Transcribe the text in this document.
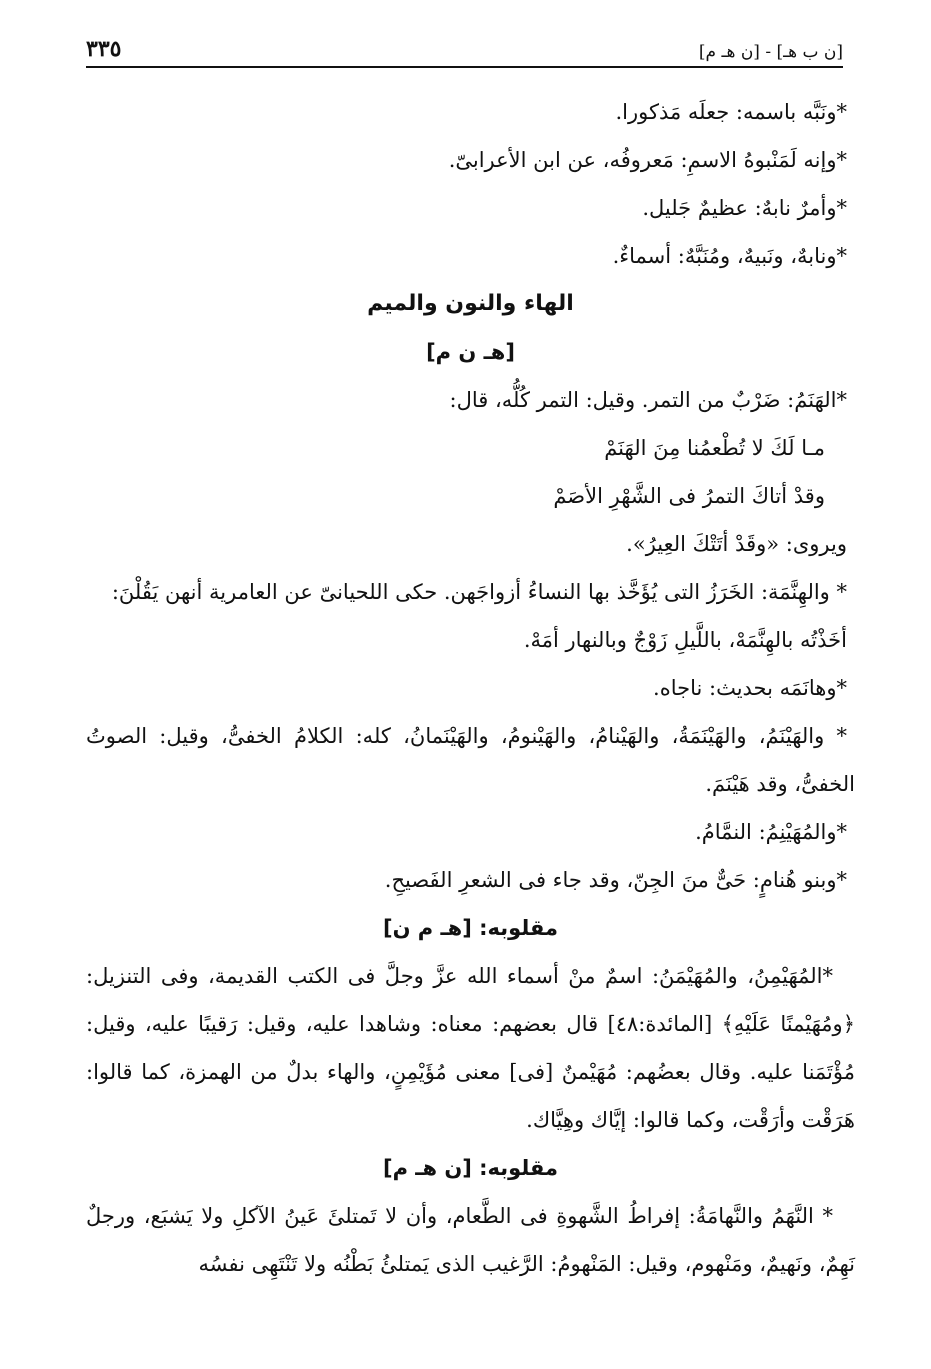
[ن ب هـ] - [ن هـ م]
٣٣٥

*ونَبَّه باسمه: جعلَه مَذكورا.

*وإنه لَمَنْبوهُ الاسمِ: مَعروفُه، عن ابن الأعرابىّ.

*وأمرٌ نابهٌ: عظيمٌ جَليل.

*ونابهٌ، ونَبيهٌ، ومُنَبَّهٌ: أسماءٌ.

الهاء والنون والميم

[هـ ن م]

*الهَنَمُ: ضَرْبٌ من التمر. وقيل: التمر كُلُّه، قال:

مـا لَكَ لا تُطْعمُنا مِنَ الهَنَمْ

وقدْ أتاكَ التمرُ فى الشَّهْرِ الأصَمْ

ويروى: «وقَدْ أتَتْكَ العِيرُ».

* والهِنَّمَة: الخَرَزُ التى يُؤَخَّذ بها النساءُ أزواجَهن. حكى اللحيانىّ عن العامرية أنهن يَقُلْنَ:

أخَذْتُه بالهِنَّمَهْ، باللَّيلِ زَوْجٌ وبالنهار أمَهْ.

*وهانَمَه بحديث: ناجاه.

* والهَيْنَمُ، والهَيْنَمَةُ، والهَيْنامُ، والهَيْنومُ، والهَيْنَمانُ، كله: الكلامُ الخفىُّ، وقيل: الصوتُ الخفىُّ، وقد هَيْنَمَ.

*والمُهَيْنِمُ: النمَّامُ.

*وبنو هُنامٍ: حَىٌّ منَ الجِنّ، وقد جاء فى الشعرِ الفَصيحِ.

مقلوبه: [هـ م ن]

*المُهَيْمِنُ، والمُهَيْمَنُ: اسمٌ منْ أسماء الله عزَّ وجلَّ فى الكتب القديمة، وفى التنزيل: ﴿ومُهَيْمنًا عَلَيْهِ﴾ [المائدة:٤٨] قال بعضهم: معناه: وشاهدا عليه، وقيل: رَقيبًا عليه، وقيل: مُؤْتَمَنا عليه. وقال بعضُهم: مُهَيْمنٌ [فى] معنى مُؤَيْمِنٍ، والهاء بدلٌ من الهمزة، كما قالوا: هَرَقْت وأرَقْت، وكما قالوا: إيَّاك وهِيَّاك.

مقلوبه: [ن هـ م]

* النَّهَمُ والنَّهامَةُ: إفراطُ الشَّهوةِ فى الطَّعام، وأن لا تَمتلئَ عَينُ الآكلِ ولا يَشبَع، ورجلٌ نَهِمٌ، ونَهيمٌ، ومَنْهوم، وقيل: المَنْهومُ: الرَّغيب الذى يَمتلئُ بَطْنُه ولا تَنْتَهِى نفسُه
